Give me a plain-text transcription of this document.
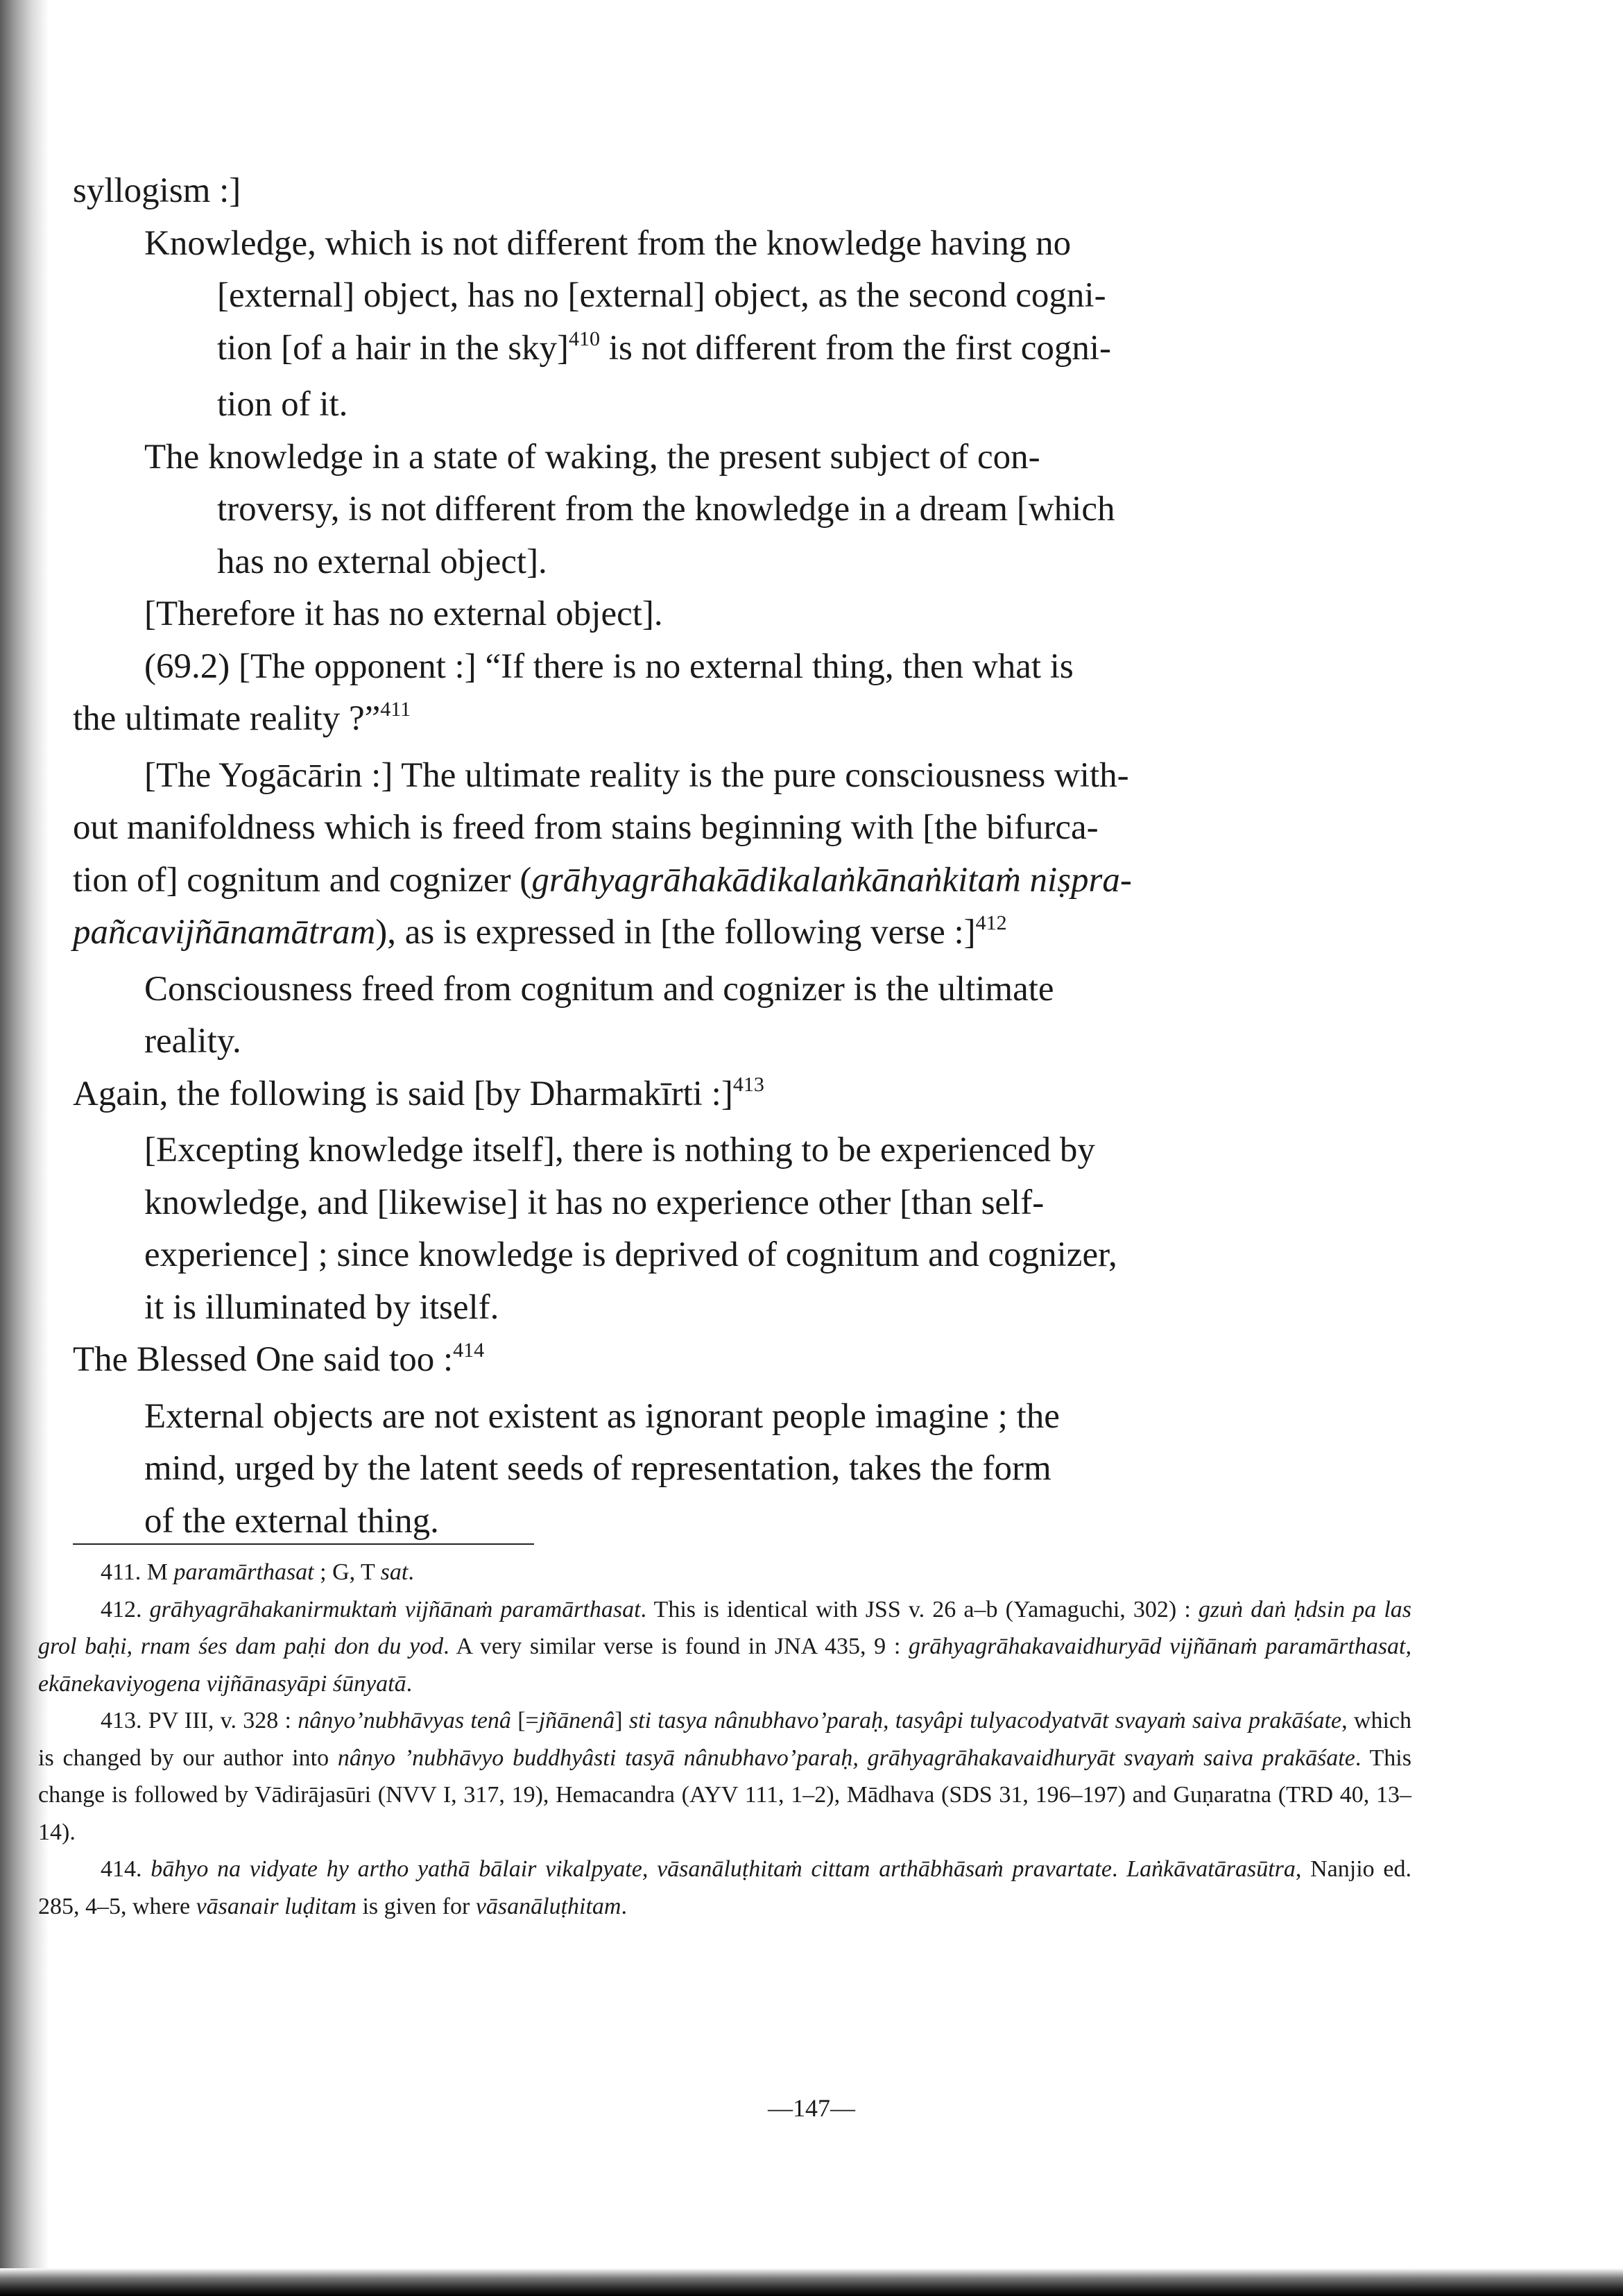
syllogism :]

Knowledge, which is not different from the knowledge having no

[external] object, has no [external] object, as the second cogni-

tion [of a hair in the sky]$^{410}$ is not different from the first cogni-

tion of it.

The knowledge in a state of waking, the present subject of con-

troversy, is not different from the knowledge in a dream [which

has no external object].

[Therefore it has no external object].

(69.2) [The opponent :] “If there is no external thing, then what is

the ultimate reality ?”$^{411}$

[The Yogācārin :] The ultimate reality is the pure consciousness with-

out manifoldness which is freed from stains beginning with [the bifurca-

tion of] cognitum and cognizer (grāhyagrāhakādikalaṅkānaṅkitaṁ niṣpra-

pañcavijñānamātram), as is expressed in [the following verse :]$^{412}$

Consciousness freed from cognitum and cognizer is the ultimate

reality.

Again, the following is said [by Dharmakīrti :]$^{413}$

[Excepting knowledge itself], there is nothing to be experienced by

knowledge, and [likewise] it has no experience other [than self-

experience] ; since knowledge is deprived of cognitum and cognizer,

it is illuminated by itself.

The Blessed One said too :$^{414}$

External objects are not existent as ignorant people imagine ; the

mind, urged by the latent seeds of representation, takes the form

of the external thing.

411. M paramārthasat ; G, T sat.

412. grāhyagrāhakanirmuktaṁ vijñānaṁ paramārthasat. This is identical with JSS v. 26 a–b (Yamaguchi, 302) : gzuṅ daṅ ḥdsin pa las grol baḥi, rnam śes dam paḥi don du yod. A very similar verse is found in JNA 435, 9 : grāhyagrāhakavaidhuryād vijñānaṁ paramārthasat, ekānekaviyogena vijñānasyāpi śūnyatā.

413. PV III, v. 328 : nânyo’nubhāvyas tenâ [=jñānenâ] sti tasya nânubhavo’paraḥ, tasyâpi tulyacodyatvāt svayaṁ saiva prakāśate, which is changed by our author into nânyo ’nubhāvyo buddhyâsti tasyā nânubhavo’paraḥ, grāhyagrāhakavaidhuryāt svayaṁ saiva prakāśate. This change is followed by Vādirājasūri (NVV I, 317, 19), Hemacandra (AYV 111, 1–2), Mādhava (SDS 31, 196–197) and Guṇaratna (TRD 40, 13–14).

414. bāhyo na vidyate hy artho yathā bālair vikalpyate, vāsanāluṭhitaṁ cittam arthābhāsaṁ pravartate. Laṅkāvatārasūtra, Nanjio ed. 285, 4–5, where vāsanair luḍitam is given for vāsanāluṭhitam.

—147—
